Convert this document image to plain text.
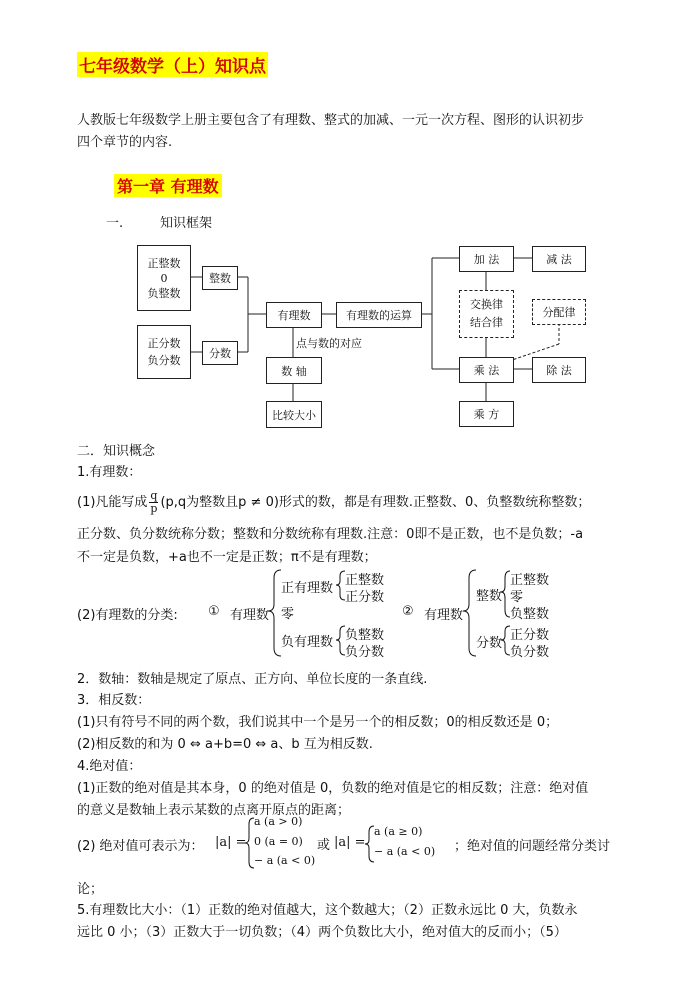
七年级数学（上）知识点
人教版七年级数学上册主要包含了有理数、整式的加减、一元一次方程、图形的认识初步
四个章节的内容.
第一章 有理数
一.	知识框架
正整数
0
负整数
正分数
负分数
整数
分数
有理数	有理数的运算
点与数的对应
数 轴
比较大小
加 法	减 法
交换律
结合律
分配律
乘 法	除 法
乘 方
二．知识概念
1.有理数：
(1)凡能写成 $\frac{q}{p} (p,q$为整数且p ≠ 0)形式的数，都是有理数.正整数、0、负整数统称整数；
正分数、负分数统称分数；整数和分数统称有理数.注意：0即不是正数，也不是负数；-a
不一定是负数，+a也不一定是正数；π不是有理数；
(2)有理数的分类: ① 有理数
正有理数
零
负有理数
正整数
正分数
负整数
负分数
② 有理数
整数
分数
正整数
零
负整数
正分数
负分数
2．数轴：数轴是规定了原点、正方向、单位长度的一条直线.
3．相反数：
(1)只有符号不同的两个数，我们说其中一个是另一个的相反数；0的相反数还是 0；
(2)相反数的和为 0 ⇔ a+b=0 ⇔ a、b 互为相反数.
4.绝对值：
(1)正数的绝对值是其本身，0 的绝对值是 0，负数的绝对值是它的相反数；注意：绝对值
的意义是数轴上表示某数的点离开原点的距离；
(2) 绝对值可表示为： |a| =
a (a > 0)
0 (a = 0)
− a (a < 0)
或 |a| =
a (a ≥ 0)
− a (a < 0) ；绝对值的问题经常分类讨
论；
5.有理数比大小：（1）正数的绝对值越大，这个数越大；（2）正数永远比 0 大，负数永
远比 0 小；（3）正数大于一切负数；（4）两个负数比大小，绝对值大的反而小；（5）
